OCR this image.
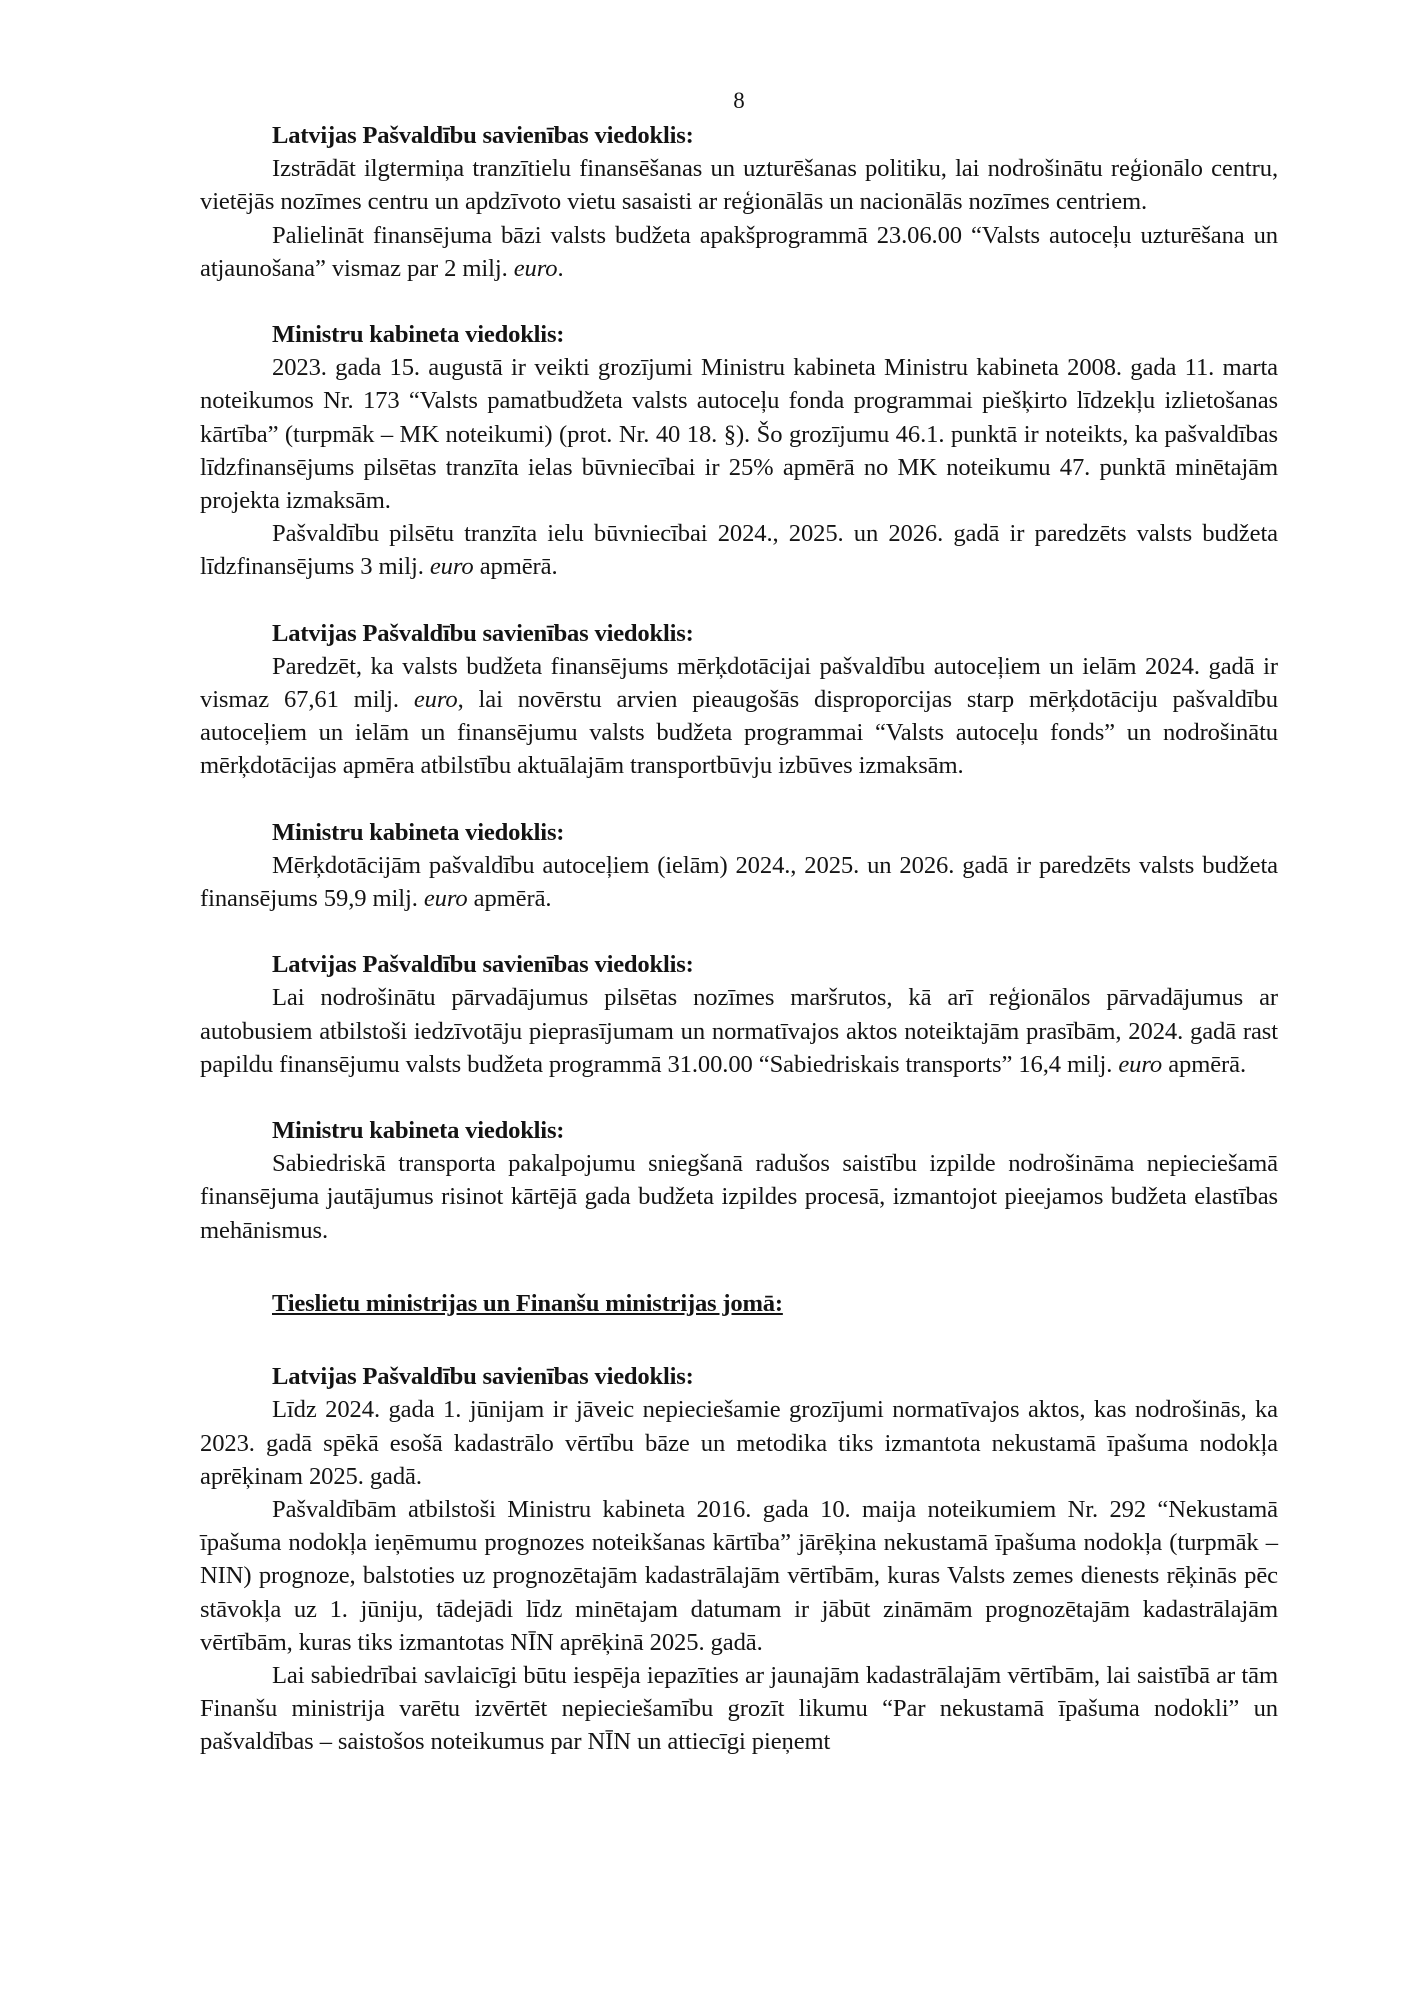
8

Latvijas Pašvaldību savienības viedoklis:

Izstrādāt ilgtermiņa tranzītielu finansēšanas un uzturēšanas politiku, lai nodrošinātu reģionālo centru, vietējās nozīmes centru un apdzīvoto vietu sasaisti ar reģionālās un nacionālās nozīmes centriem.

Palielināt finansējuma bāzi valsts budžeta apakšprogrammā 23.06.00 “Valsts autoceļu uzturēšana un atjaunošana” vismaz par 2 milj. euro.

Ministru kabineta viedoklis:

2023. gada 15. augustā ir veikti grozījumi Ministru kabineta Ministru kabineta 2008. gada 11. marta noteikumos Nr. 173 “Valsts pamatbudžeta valsts autoceļu fonda programmai piešķirto līdzekļu izlietošanas kārtība” (turpmāk – MK noteikumi) (prot. Nr. 40 18. §). Šo grozījumu 46.1. punktā ir noteikts, ka pašvaldības līdzfinansējums pilsētas tranzīta ielas būvniecībai ir 25% apmērā no MK noteikumu 47. punktā minētajām projekta izmaksām.

Pašvaldību pilsētu tranzīta ielu būvniecībai 2024., 2025. un 2026. gadā ir paredzēts valsts budžeta līdzfinansējums 3 milj. euro apmērā.

Latvijas Pašvaldību savienības viedoklis:

Paredzēt, ka valsts budžeta finansējums mērķdotācijai pašvaldību autoceļiem un ielām 2024. gadā ir vismaz 67,61 milj. euro, lai novērstu arvien pieaugošās disproporcijas starp mērķdotāciju pašvaldību autoceļiem un ielām un finansējumu valsts budžeta programmai “Valsts autoceļu fonds” un nodrošinātu mērķdotācijas apmēra atbilstību aktuālajām transportbūvju izbūves izmaksām.

Ministru kabineta viedoklis:

Mērķdotācijām pašvaldību autoceļiem (ielām) 2024., 2025. un 2026. gadā ir paredzēts valsts budžeta finansējums 59,9 milj. euro apmērā.

Latvijas Pašvaldību savienības viedoklis:

Lai nodrošinātu pārvadājumus pilsētas nozīmes maršrutos, kā arī reģionālos pārvadājumus ar autobusiem atbilstoši iedzīvotāju pieprasījumam un normatīvajos aktos noteiktajām prasībām, 2024. gadā rast papildu finansējumu valsts budžeta programmā 31.00.00 “Sabiedriskais transports” 16,4 milj. euro apmērā.

Ministru kabineta viedoklis:

Sabiedriskā transporta pakalpojumu sniegšanā radušos saistību izpilde nodrošināma nepieciešamā finansējuma jautājumus risinot kārtējā gada budžeta izpildes procesā, izmantojot pieejamos budžeta elastības mehānismus.

Tieslietu ministrijas un Finanšu ministrijas jomā:

Latvijas Pašvaldību savienības viedoklis:

Līdz 2024. gada 1. jūnijam ir jāveic nepieciešamie grozījumi normatīvajos aktos, kas nodrošinās, ka 2023. gadā spēkā esošā kadastrālo vērtību bāze un metodika tiks izmantota nekustamā īpašuma nodokļa aprēķinam 2025. gadā.

Pašvaldībām atbilstoši Ministru kabineta 2016. gada 10. maija noteikumiem Nr. 292 “Nekustamā īpašuma nodokļa ieņēmumu prognozes noteikšanas kārtība” jārēķina nekustamā īpašuma nodokļa (turpmāk – NIN) prognoze, balstoties uz prognozētajām kadastrālajām vērtībām, kuras Valsts zemes dienests rēķinās pēc stāvokļa uz 1. jūniju, tādejādi līdz minētajam datumam ir jābūt zināmām prognozētajām kadastrālajām vērtībām, kuras tiks izmantotas NĪN aprēķinā 2025. gadā.

Lai sabiedrībai savlaicīgi būtu iespēja iepazīties ar jaunajām kadastrālajām vērtībām, lai saistībā ar tām Finanšu ministrija varētu izvērtēt nepieciešamību grozīt likumu “Par nekustamā īpašuma nodokli” un pašvaldības – saistošos noteikumus par NĪN un attiecīgi pieņemt
